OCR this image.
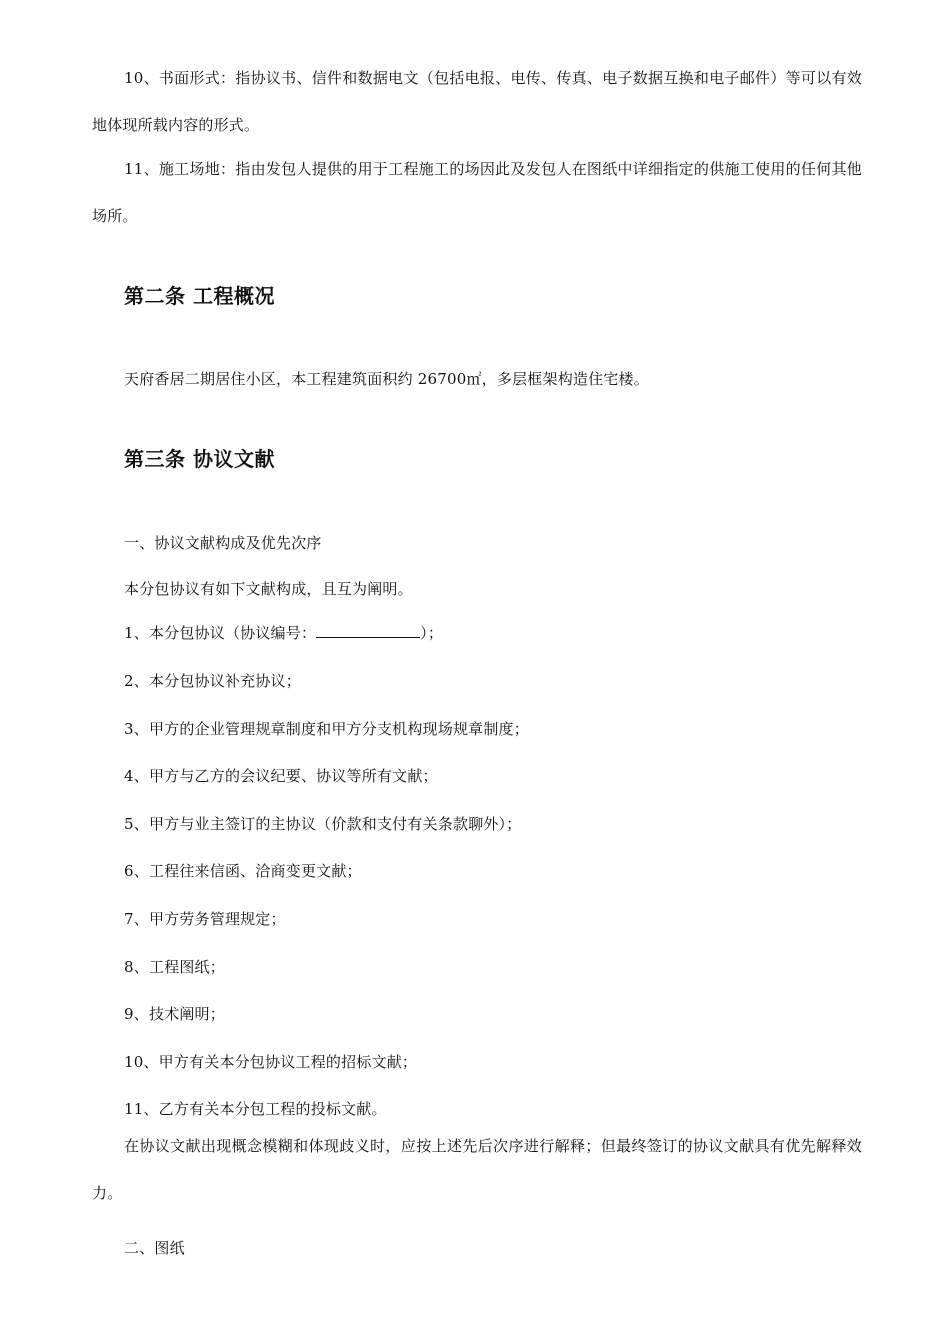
10、书面形式：指协议书、信件和数据电文（包括电报、电传、传真、电子数据互换和电子邮件）等可以有效地体现所载内容的形式。

11、施工场地：指由发包人提供的用于工程施工的场因此及发包人在图纸中详细指定的供施工使用的任何其他场所。

第二条 工程概况

天府香居二期居住小区，本工程建筑面积约 26700㎡，多层框架构造住宅楼。

第三条 协议文献

一、协议文献构成及优先次序

本分包协议有如下文献构成，且互为阐明。

1、本分包协议（协议编号：	）；

2、本分包协议补充协议；

3、甲方的企业管理规章制度和甲方分支机构现场规章制度；

4、甲方与乙方的会议纪要、协议等所有文献；

5、甲方与业主签订的主协议（价款和支付有关条款聊外）；

6、工程往来信函、洽商变更文献；

7、甲方劳务管理规定；

8、工程图纸；

9、技术阐明；

10、甲方有关本分包协议工程的招标文献；

11、乙方有关本分包工程的投标文献。

在协议文献出现概念模糊和体现歧义时，应按上述先后次序进行解释；但最终签订的协议文献具有优先解释效力。

二、图纸
